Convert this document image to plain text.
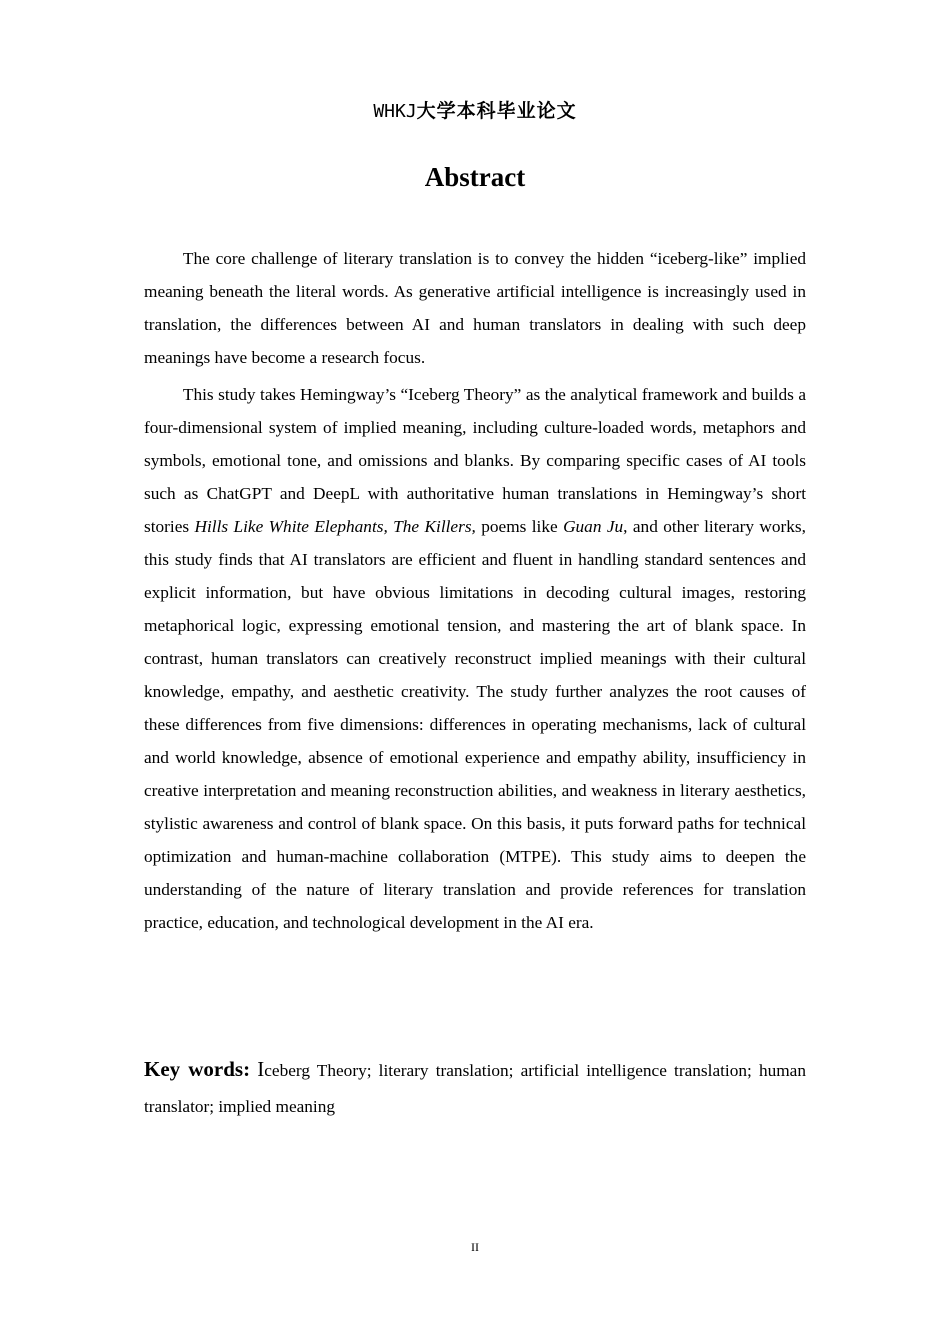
WHKJ大学本科毕业论文
Abstract

The core challenge of literary translation is to convey the hidden “iceberg-like” implied meaning beneath the literal words. As generative artificial intelligence is increasingly used in translation, the differences between AI and human translators in dealing with such deep meanings have become a research focus.

This study takes Hemingway’s “Iceberg Theory” as the analytical framework and builds a four-dimensional system of implied meaning, including culture-loaded words, metaphors and symbols, emotional tone, and omissions and blanks. By comparing specific cases of AI tools such as ChatGPT and DeepL with authoritative human translations in Hemingway’s short stories Hills Like White Elephants, The Killers, poems like Guan Ju, and other literary works, this study finds that AI translators are efficient and fluent in handling standard sentences and explicit information, but have obvious limitations in decoding cultural images, restoring metaphorical logic, expressing emotional tension, and mastering the art of blank space. In contrast, human translators can creatively reconstruct implied meanings with their cultural knowledge, empathy, and aesthetic creativity. The study further analyzes the root causes of these differences from five dimensions: differences in operating mechanisms, lack of cultural and world knowledge, absence of emotional experience and empathy ability, insufficiency in creative interpretation and meaning reconstruction abilities, and weakness in literary aesthetics, stylistic awareness and control of blank space. On this basis, it puts forward paths for technical optimization and human-machine collaboration (MTPE). This study aims to deepen the understanding of the nature of literary translation and provide references for translation practice, education, and technological development in the AI era.

Key words: Iceberg Theory; literary translation; artificial intelligence translation; human translator; implied meaning

II
